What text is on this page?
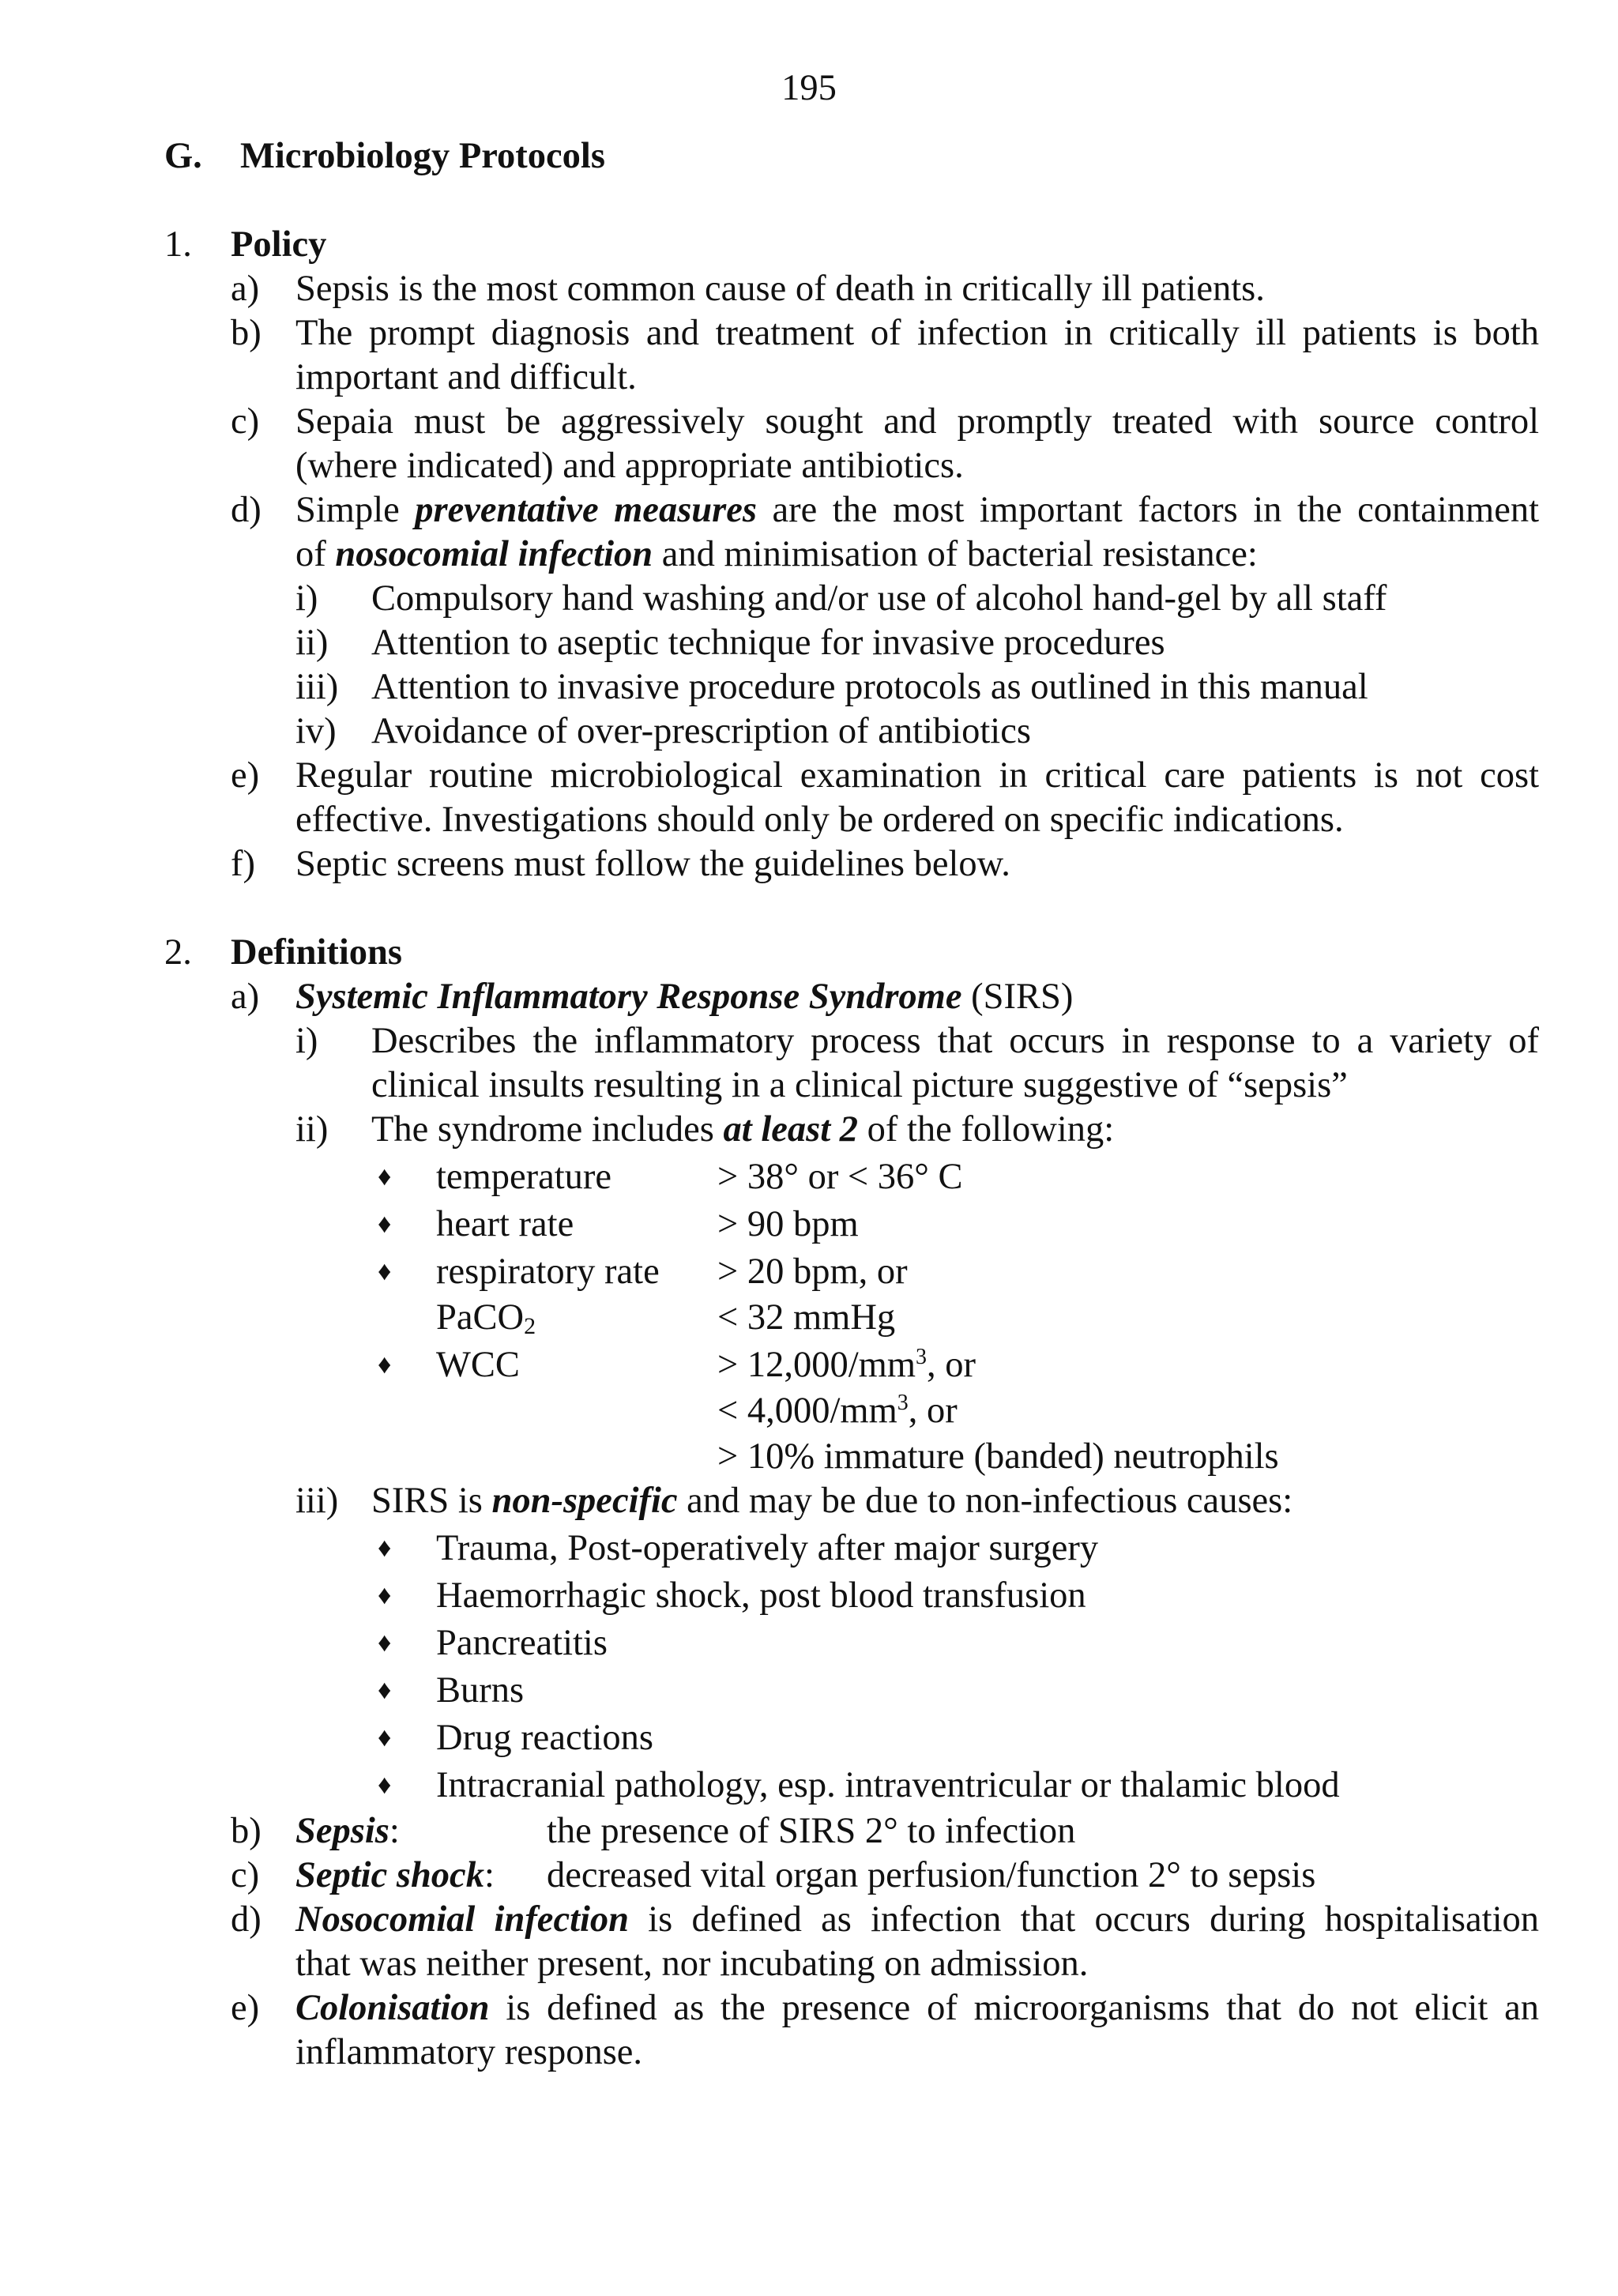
195
G. Microbiology Protocols
1. Policy
a) Sepsis is the most common cause of death in critically ill patients.
b) The prompt diagnosis and treatment of infection in critically ill patients is both
important and difficult.
c) Sepaia must be aggressively sought and promptly treated with source control
(where indicated) and appropriate antibiotics.
d) Simple preventative measures are the most important factors in the containment
of nosocomial infection and minimisation of bacterial resistance:
i) Compulsory hand washing and/or use of alcohol hand-gel by all staff
ii) Attention to aseptic technique for invasive procedures
iii) Attention to invasive procedure protocols as outlined in this manual
iv) Avoidance of over-prescription of antibiotics
e) Regular routine microbiological examination in critical care patients is not cost
effective. Investigations should only be ordered on specific indications.
f) Septic screens must follow the guidelines below.
2. Definitions
a) Systemic Inflammatory Response Syndrome (SIRS)
i) Describes the inflammatory process that occurs in response to a variety of
clinical insults resulting in a clinical picture suggestive of “sepsis”
ii) The syndrome includes at least 2 of the following:
♦ temperature	> 38° or < 36° C
♦ heart rate	> 90 bpm
♦ respiratory rate > 20 bpm, or
PaCO$_2$	< 32 mmHg
♦ WCC	> $12,000/mm^3$, or
< $4,000/mm^3$, or
> 10% immature (banded) neutrophils
iii) SIRS is non-specific and may be due to non-infectious causes:
♦ Trauma, Post-operatively after major surgery
♦ Haemorrhagic shock, post blood transfusion
♦ Pancreatitis
♦ Burns
♦ Drug reactions
♦ Intracranial pathology, esp. intraventricular or thalamic blood
b) Sepsis:	the presence of SIRS 2° to infection
c) Septic shock: decreased vital organ perfusion/function 2° to sepsis
d) Nosocomial infection is defined as infection that occurs during hospitalisation
that was neither present, nor incubating on admission.
e) Colonisation is defined as the presence of microorganisms that do not elicit an
inflammatory response.
